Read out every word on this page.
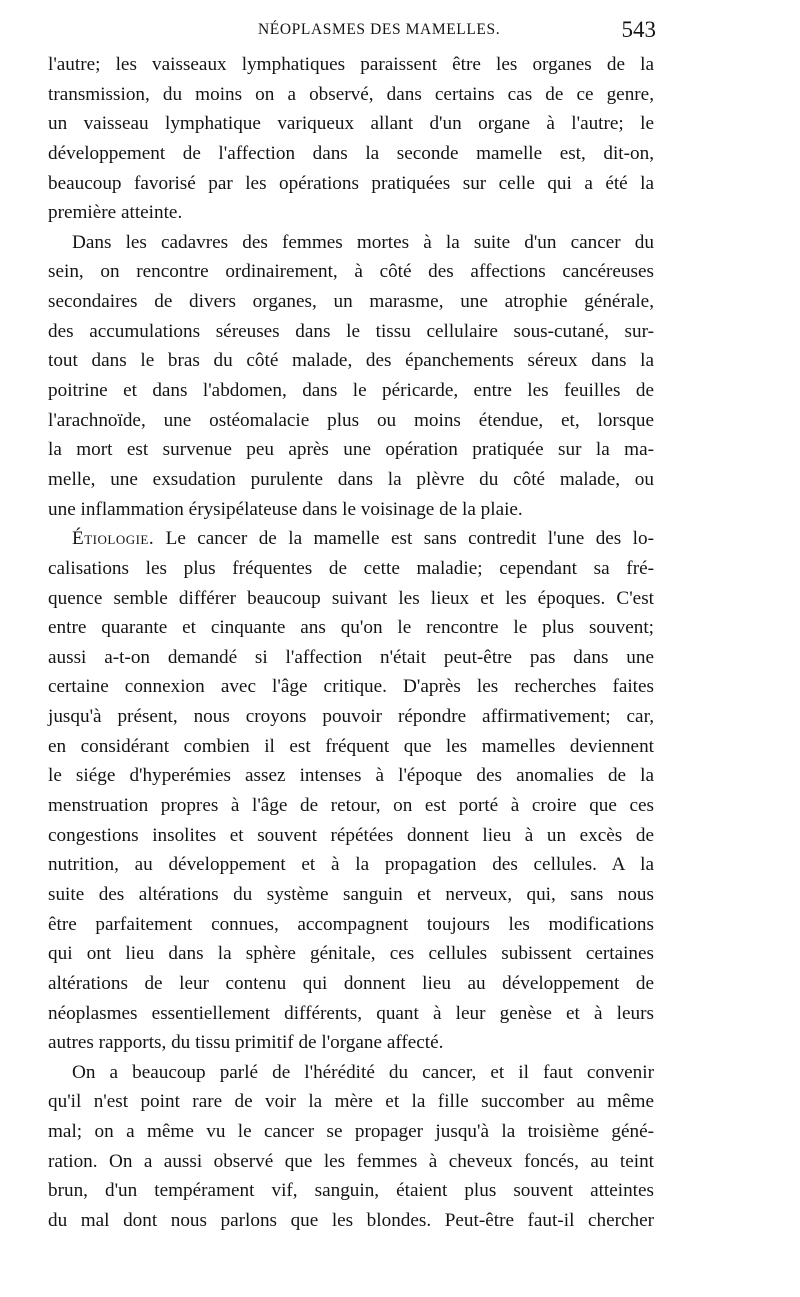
NÉOPLASMES DES MAMELLES.	543
l'autre; les vaisseaux lymphatiques paraissent être les organes de la
transmission, du moins on a observé, dans certains cas de ce genre,
un vaisseau lymphatique variqueux allant d'un organe à l'autre; le
développement de l'affection dans la seconde mamelle est, dit-on,
beaucoup favorisé par les opérations pratiquées sur celle qui a été la
première atteinte.
Dans les cadavres des femmes mortes à la suite d'un cancer du
sein, on rencontre ordinairement, à côté des affections cancéreuses
secondaires de divers organes, un marasme, une atrophie générale,
des accumulations séreuses dans le tissu cellulaire sous-cutané, sur-
tout dans le bras du côté malade, des épanchements séreux dans la
poitrine et dans l'abdomen, dans le péricarde, entre les feuilles de
l'arachnoïde, une ostéomalacie plus ou moins étendue, et, lorsque
la mort est survenue peu après une opération pratiquée sur la ma-
melle, une exsudation purulente dans la plèvre du côté malade, ou
une inflammation érysipélateuse dans le voisinage de la plaie.
Étiologie. Le cancer de la mamelle est sans contredit l'une des lo-
calisations les plus fréquentes de cette maladie; cependant sa fré-
quence semble différer beaucoup suivant les lieux et les époques. C'est
entre quarante et cinquante ans qu'on le rencontre le plus souvent;
aussi a-t-on demandé si l'affection n'était peut-être pas dans une
certaine connexion avec l'âge critique. D'après les recherches faites
jusqu'à présent, nous croyons pouvoir répondre affirmativement; car,
en considérant combien il est fréquent que les mamelles deviennent
le siége d'hyperémies assez intenses à l'époque des anomalies de la
menstruation propres à l'âge de retour, on est porté à croire que ces
congestions insolites et souvent répétées donnent lieu à un excès de
nutrition, au développement et à la propagation des cellules. A la
suite des altérations du système sanguin et nerveux, qui, sans nous
être parfaitement connues, accompagnent toujours les modifications
qui ont lieu dans la sphère génitale, ces cellules subissent certaines
altérations de leur contenu qui donnent lieu au développement de
néoplasmes essentiellement différents, quant à leur genèse et à leurs
autres rapports, du tissu primitif de l'organe affecté.
On a beaucoup parlé de l'hérédité du cancer, et il faut convenir
qu'il n'est point rare de voir la mère et la fille succomber au même
mal; on a même vu le cancer se propager jusqu'à la troisième géné-
ration. On a aussi observé que les femmes à cheveux foncés, au teint
brun, d'un tempérament vif, sanguin, étaient plus souvent atteintes
du mal dont nous parlons que les blondes. Peut-être faut-il chercher
